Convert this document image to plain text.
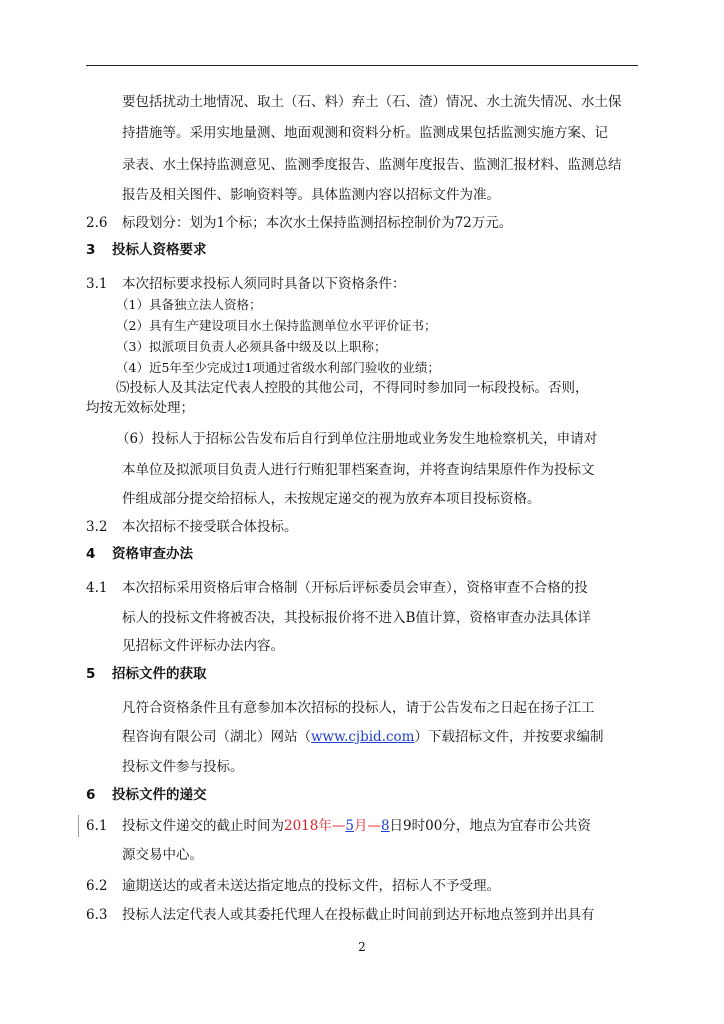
要包括扰动土地情况、取土（石、料）弃土（石、渣）情况、水土流失情况、水土保
持措施等。采用实地量测、地面观测和资料分析。监测成果包括监测实施方案、记
录表、水土保持监测意见、监测季度报告、监测年度报告、监测汇报材料、监测总结
报告及相关图件、影响资料等。具体监测内容以招标文件为准。
2.6 标段划分：划为1个标；本次水土保持监测招标控制价为72万元。
3 投标人资格要求
3.1 本次招标要求投标人须同时具备以下资格条件：
（1）具备独立法人资格；
（2）具有生产建设项目水土保持监测单位水平评价证书；
（3）拟派项目负责人必须具备中级及以上职称；
（4）近5年至少完成过1项通过省级水利部门验收的业绩；
⑸投标人及其法定代表人控股的其他公司，不得同时参加同一标段投标。否则，
均按无效标处理；
（6）投标人于招标公告发布后自行到单位注册地或业务发生地检察机关，申请对
本单位及拟派项目负责人进行行贿犯罪档案查询，并将查询结果原件作为投标文
件组成部分提交给招标人，未按规定递交的视为放弃本项目投标资格。
3.2 本次招标不接受联合体投标。
4 资格审查办法
4.1 本次招标采用资格后审合格制（开标后评标委员会审查），资格审查不合格的投
标人的投标文件将被否决，其投标报价将不进入B值计算，资格审查办法具体详
见招标文件评标办法内容。
5 招标文件的获取
凡符合资格条件且有意参加本次招标的投标人，请于公告发布之日起在扬子江工
程咨询有限公司（湖北）网站（www.cjbid.com）下载招标文件，并按要求编制
投标文件参与投标。
6 投标文件的递交
6.1 投标文件递交的截止时间为2018年—5月—8日9时00分，地点为宜春市公共资
源交易中心。
6.2 逾期送达的或者未送达指定地点的投标文件，招标人不予受理。
6.3 投标人法定代表人或其委托代理人在投标截止时间前到达开标地点签到并出具有
2
